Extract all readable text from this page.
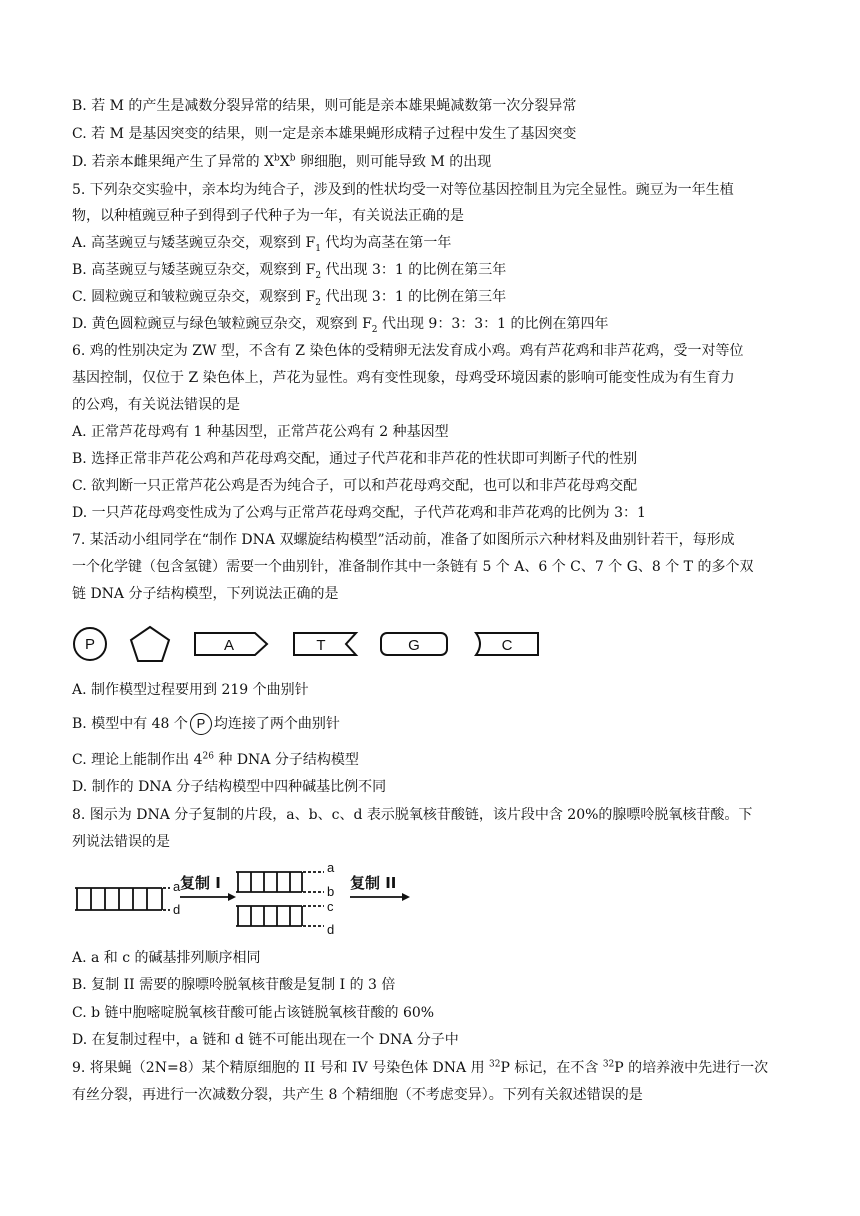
B. 若 M 的产生是减数分裂异常的结果，则可能是亲本雄果蝇减数第一次分裂异常
C. 若 M 是基因突变的结果，则一定是亲本雄果蝇形成精子过程中发生了基因突变
D. 若亲本雌果绳产生了异常的 $X^bX^b$ 卵细胞，则可能导致 M 的出现
5. 下列杂交实验中，亲本均为纯合子，涉及到的性状均受一对等位基因控制且为完全显性。豌豆为一年生植
物，以种植豌豆种子到得到子代种子为一年，有关说法正确的是
A. 高茎豌豆与矮茎豌豆杂交，观察到 $F_1$ 代均为高茎在第一年
B. 高茎豌豆与矮茎豌豆杂交，观察到 $F_2$ 代出现 3：1 的比例在第三年
C. 圆粒豌豆和皱粒豌豆杂交，观察到 $F_2$ 代出现 3：1 的比例在第三年
D. 黄色圆粒豌豆与绿色皱粒豌豆杂交，观察到 $F_2$ 代出现 9：3：3：1 的比例在第四年
6. 鸡的性别决定为 ZW 型，不含有 Z 染色体的受精卵无法发育成小鸡。鸡有芦花鸡和非芦花鸡，受一对等位
基因控制，仅位于 Z 染色体上，芦花为显性。鸡有变性现象，母鸡受环境因素的影响可能变性成为有生育力
的公鸡，有关说法错误的是
A. 正常芦花母鸡有 1 种基因型，正常芦花公鸡有 2 种基因型
B. 选择正常非芦花公鸡和芦花母鸡交配，通过子代芦花和非芦花的性状即可判断子代的性别
C. 欲判断一只正常芦花公鸡是否为纯合子，可以和芦花母鸡交配，也可以和非芦花母鸡交配
D. 一只芦花母鸡变性成为了公鸡与正常芦花母鸡交配，子代芦花鸡和非芦花鸡的比例为 3：1
7. 某活动小组同学在“制作 DNA 双螺旋结构模型”活动前，准备了如图所示六种材料及曲别针若干，每形成
一个化学键（包含氢键）需要一个曲别针，准备制作其中一条链有 5 个 A、6 个 C、7 个 G、8 个 T 的多个双
链 DNA 分子结构模型，下列说法正确的是
P	A	T	G	C
A. 制作模型过程要用到 219 个曲别针
B. 模型中有 48 个 P 均连接了两个曲别针
C. 理论上能制作出 $4^{26}$ 种 DNA 分子结构模型
D. 制作的 DNA 分子结构模型中四种碱基比例不同
8. 图示为 DNA 分子复制的片段，a、b、c、d 表示脱氧核苷酸链，该片段中含 20%的腺嘌呤脱氧核苷酸。下
列说法错误的是
a
d
复制 I
a
b
c
d
复制 II
A. a 和 c 的碱基排列顺序相同
B. 复制 II 需要的腺嘌呤脱氧核苷酸是复制 I 的 3 倍
C. b 链中胞嘧啶脱氧核苷酸可能占该链脱氧核苷酸的 60%
D. 在复制过程中，a 链和 d 链不可能出现在一个 DNA 分子中
9. 将果蝇（2N=8）某个精原细胞的 II 号和 IV 号染色体 DNA 用 $^{32}$P 标记，在不含 $^{32}$P 的培养液中先进行一次
有丝分裂，再进行一次减数分裂，共产生 8 个精细胞（不考虑变异）。下列有关叙述错误的是
